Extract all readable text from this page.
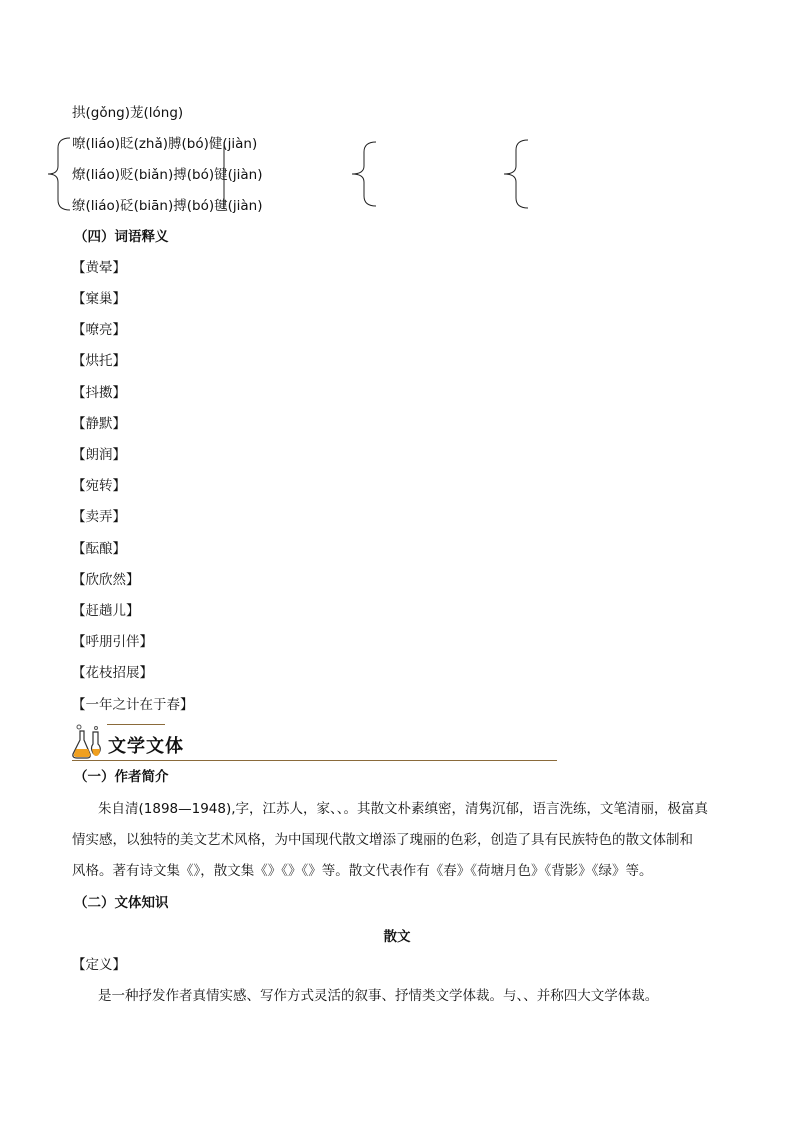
拱(gǒng)茏(lóng)
嘹(liáo)眨(zhǎ)膊(bó)健(jiàn)
燎(liáo)贬(biǎn)搏(bó)键(jiàn)
缭(liáo)砭(biān)搏(bó)毽(jiàn)
（四）词语释义
【黄晕】
【窠巢】
【嘹亮】
【烘托】
【抖擞】
【静默】
【朗润】
【宛转】
【卖弄】
【酝酿】
【欣欣然】
【赶趟儿】
【呼朋引伴】
【花枝招展】
【一年之计在于春】
文学文体
（一）作者简介
朱自清(1898—1948),字，江苏人，家、、。其散文朴素缜密，清隽沉郁，语言洗练，文笔清丽，极富真
情实感，以独特的美文艺术风格，为中国现代散文增添了瑰丽的色彩，创造了具有民族特色的散文体制和
风格。著有诗文集《》，散文集《》《》《》等。散文代表作有《春》《荷塘月色》《背影》《绿》等。
（二）文体知识
散文
【定义】
是一种抒发作者真情实感、写作方式灵活的叙事、抒情类文学体裁。与、、并称四大文学体裁。
